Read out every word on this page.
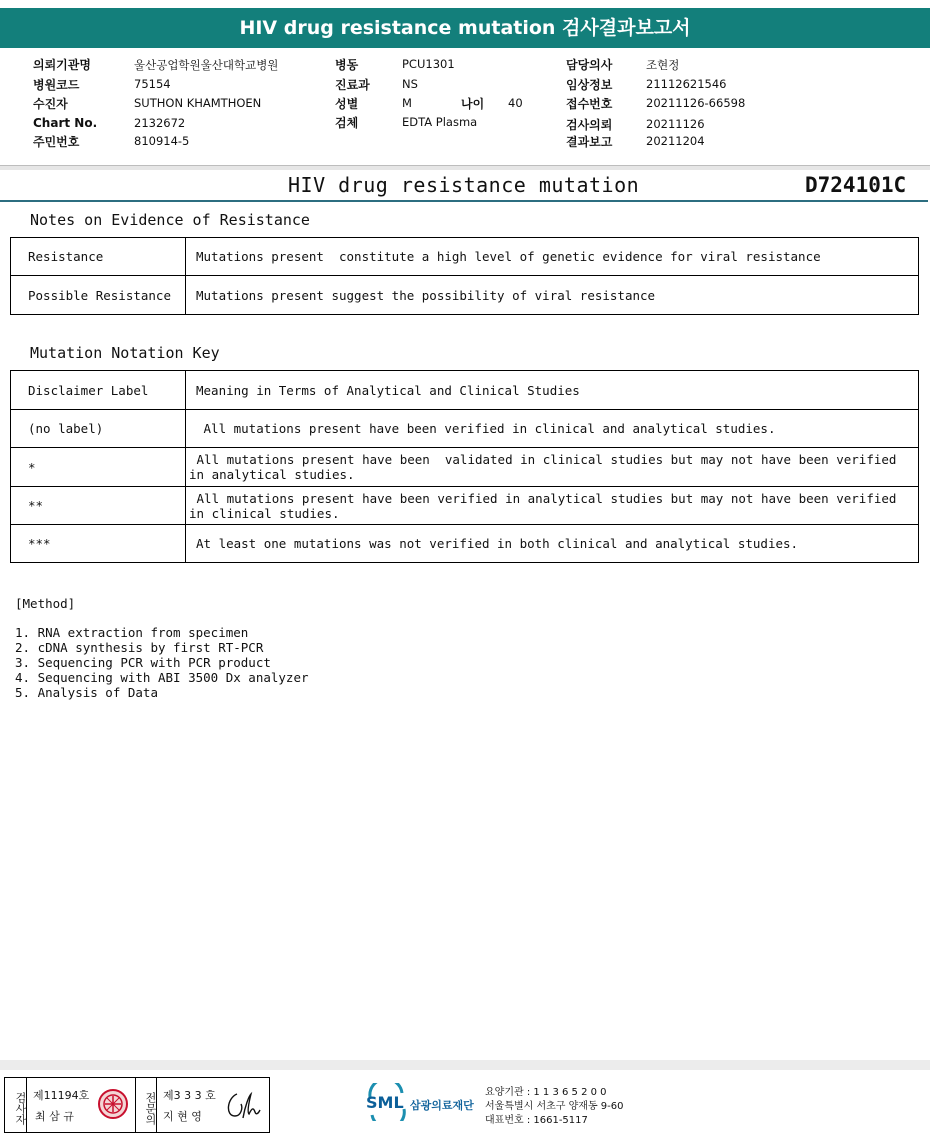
HIV drug resistance mutation 검사결과보고서
의뢰기관명	울산공업학원울산대학교병원
병원코드	75154
수진자	SUTHON KHAMTHOEN
Chart No.	2132672
주민번호	810914-5
병동	PCU1301
진료과	NS
성별	M	나이 40
검체	EDTA Plasma
담당의사	조현정
임상정보	21112621546
접수번호	20211126-66598
검사의뢰	20211126
결과보고	20211204
HIV drug resistance mutation	D724101C
Notes on Evidence of Resistance
Resistance	Mutations present  constitute a high level of genetic evidence for viral resistance
Possible Resistance	Mutations present suggest the possibility of viral resistance
Mutation Notation Key
Disclaimer Label	Meaning in Terms of Analytical and Clinical Studies
(no label)	All mutations present have been verified in clinical and analytical studies.
*	All mutations present have been  validated in clinical studies but may not have been verified in analytical studies.
**	All mutations present have been verified in analytical studies but may not have been verified in clinical studies.
***	At least one mutations was not verified in both clinical and analytical studies.
[Method]
1. RNA extraction from specimen
2. cDNA synthesis by first RT-PCR
3. Sequencing PCR with PCR product
4. Sequencing with ABI 3500 Dx analyzer
5. Analysis of Data
검사자 제11194호
최 삼 규	전문의 제3 3 3 호
지 현 영
SML 삼광의료재단
요양기관 : 1 1 3 6 5 2 0 0
서울특별시 서초구 양재동 9-60
대표번호 : 1661-5117
